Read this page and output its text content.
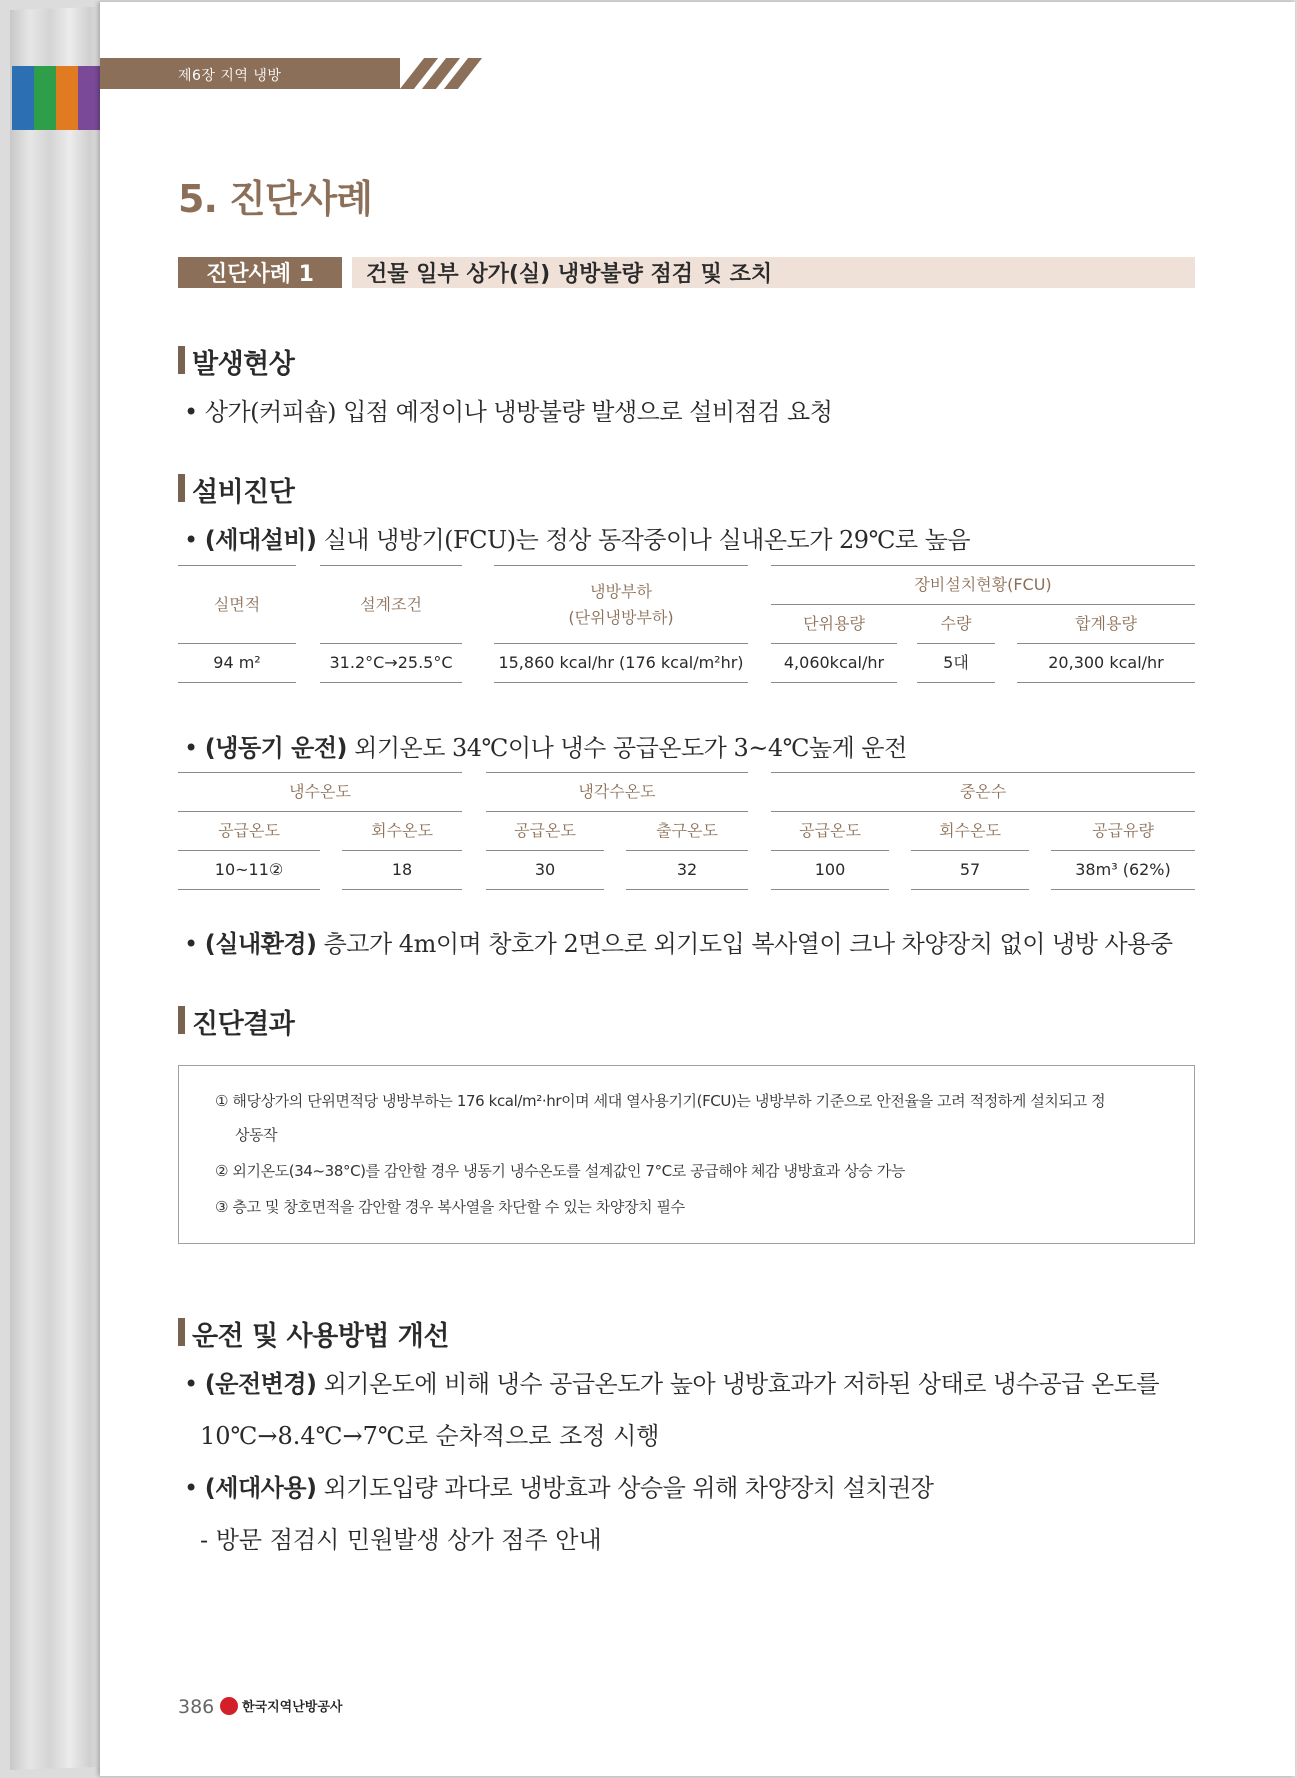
제6장 지역 냉방
5. 진단사례
진단사례 1	건물 일부 상가(실) 냉방불량 점검 및 조치
발생현상
• 상가(커피숍) 입점 예정이나 냉방불량 발생으로 설비점검 요청
설비진단
• (세대설비) 실내 냉방기(FCU)는 정상 동작중이나 실내온도가 29℃로 높음
실면적	설계조건
냉방부하
(단위냉방부하)
장비설치현황(FCU)
단위용량	수량	합계용량
94 m²	31.2°C→25.5°C	15,860 kcal/hr (176 kcal/m²hr)	4,060kcal/hr	5대	20,300 kcal/hr
• (냉동기 운전) 외기온도 34℃이나 냉수 공급온도가 3~4℃높게 운전
냉수온도	냉각수온도	중온수
공급온도	회수온도	공급온도	출구온도	공급온도	회수온도	공급유량
10~11②	18	30	32	100	57	38m³ (62%)
• (실내환경) 층고가 4m이며 창호가 2면으로 외기도입 복사열이 크나 차양장치 없이 냉방 사용중
진단결과

① 해당상가의 단위면적당 냉방부하는 176 kcal/m²·hr이며 세대 열사용기기(FCU)는 냉방부하 기준으로 안전율을 고려 적정하게 설치되고 정

상동작

② 외기온도(34~38°C)를 감안할 경우 냉동기 냉수온도를 설계값인 7°C로 공급해야 체감 냉방효과 상승 가능

③ 층고 및 창호면적을 감안할 경우 복사열을 차단할 수 있는 차양장치 필수

운전 및 사용방법 개선
• (운전변경) 외기온도에 비해 냉수 공급온도가 높아 냉방효과가 저하된 상태로 냉수공급 온도를
10℃→8.4℃→7℃로 순차적으로 조정 시행
• (세대사용) 외기도입량 과다로 냉방효과 상승을 위해 차양장치 설치권장
- 방문 점검시 민원발생 상가 점주 안내
386 한국지역난방공사
